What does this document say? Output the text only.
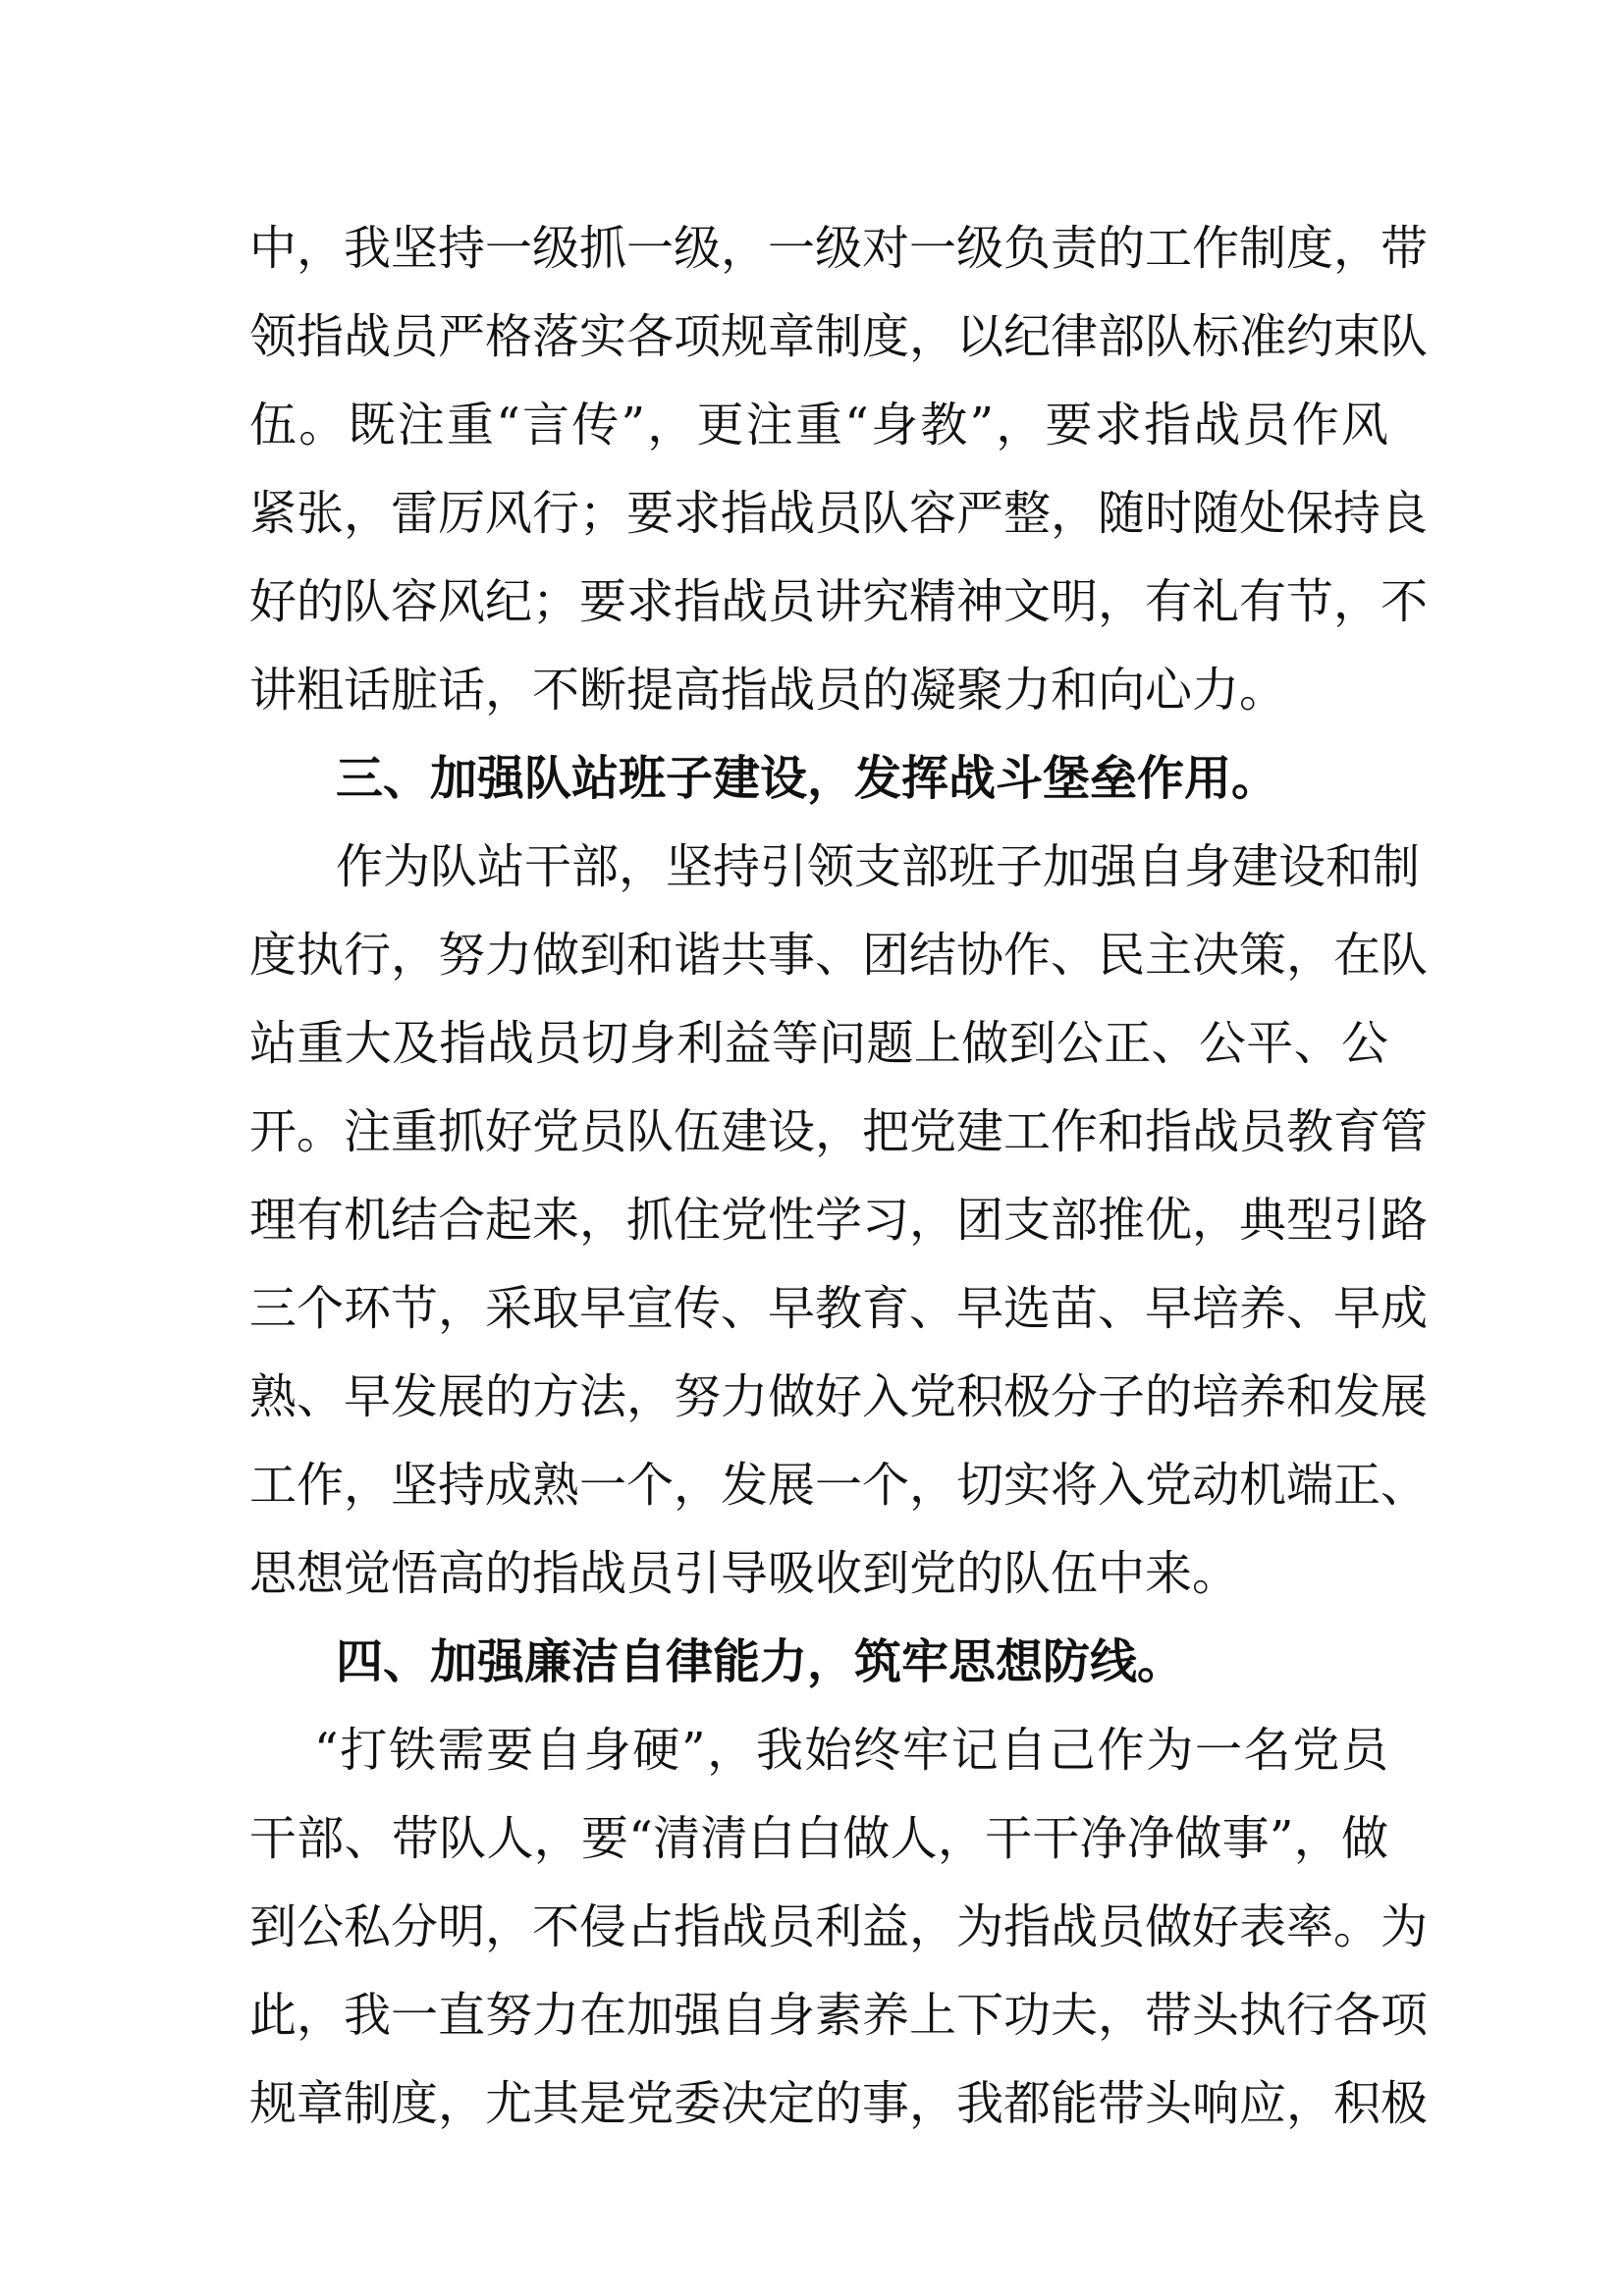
中，我坚持一级抓一级，一级对一级负责的工作制度，带
领指战员严格落实各项规章制度，以纪律部队标准约束队
伍。既注重“言传”，更注重“身教”，要求指战员作风
紧张，雷厉风行；要求指战员队容严整，随时随处保持良
好的队容风纪；要求指战员讲究精神文明，有礼有节，不
讲粗话脏话，不断提高指战员的凝聚力和向心力。
三、加强队站班子建设，发挥战斗堡垒作用。
作为队站干部，坚持引领支部班子加强自身建设和制
度执行，努力做到和谐共事、团结协作、民主决策，在队
站重大及指战员切身利益等问题上做到公正、公平、公
开。注重抓好党员队伍建设，把党建工作和指战员教育管
理有机结合起来，抓住党性学习，团支部推优，典型引路
三个环节，采取早宣传、早教育、早选苗、早培养、早成
熟、早发展的方法，努力做好入党积极分子的培养和发展
工作，坚持成熟一个，发展一个，切实将入党动机端正、
思想觉悟高的指战员引导吸收到党的队伍中来。
四、加强廉洁自律能力，筑牢思想防线。
“打铁需要自身硬”，我始终牢记自己作为一名党员
干部、带队人，要“清清白白做人，干干净净做事”，做
到公私分明，不侵占指战员利益，为指战员做好表率。为
此，我一直努力在加强自身素养上下功夫，带头执行各项
规章制度，尤其是党委决定的事，我都能带头响应，积极
